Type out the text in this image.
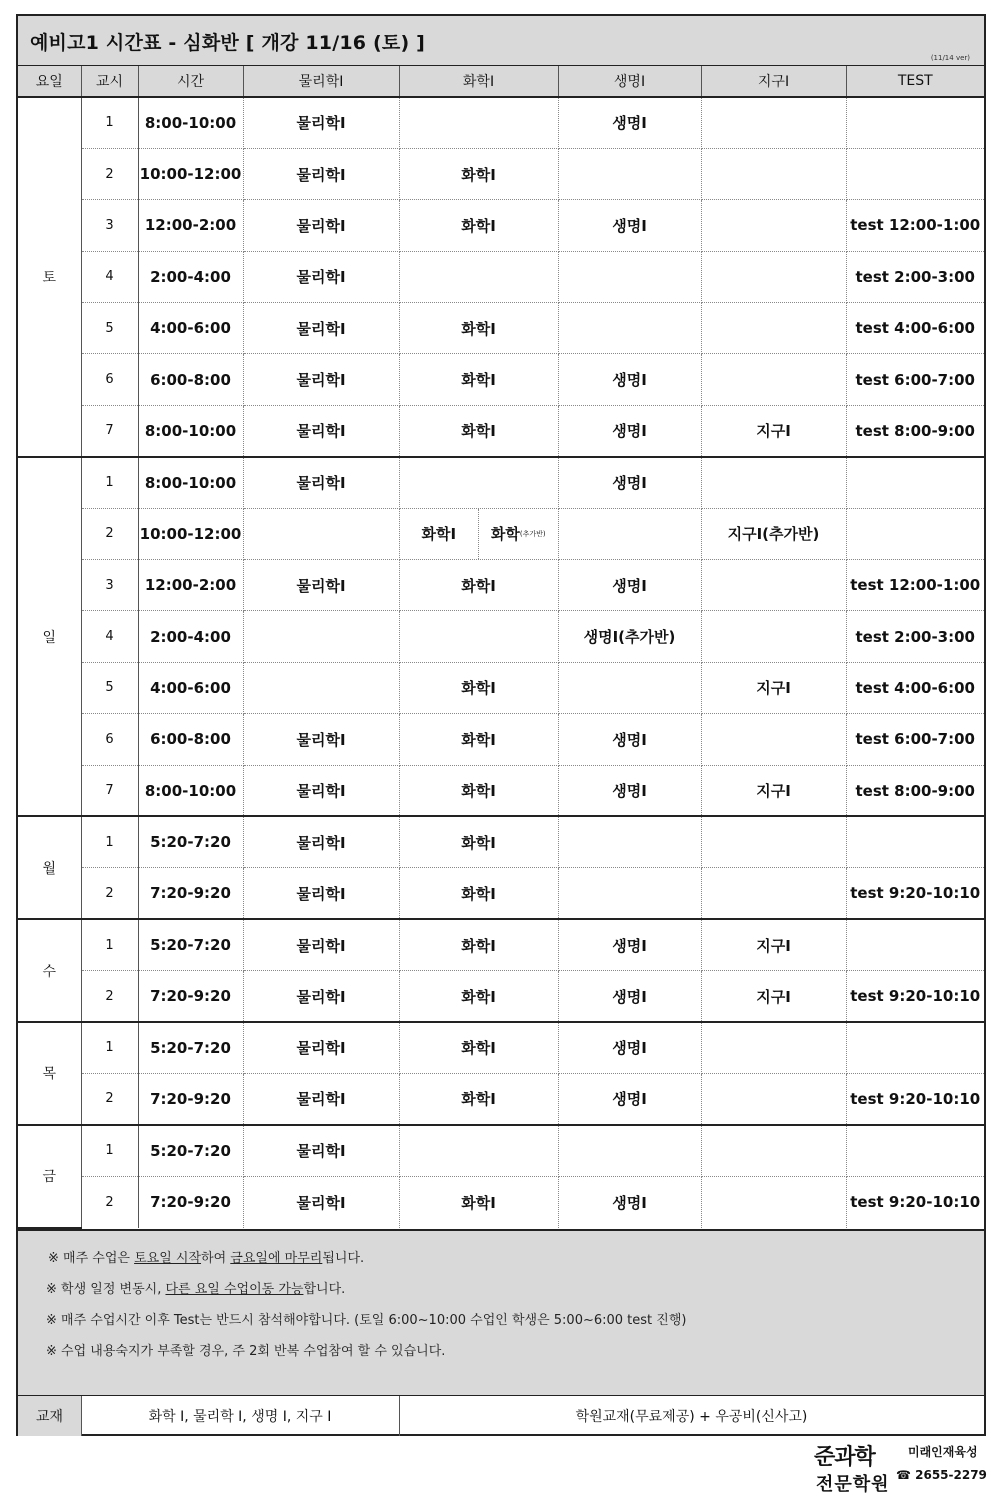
예비고1 시간표 - 심화반 [ 개강 11/16 (토) ]
(11/14 ver)
요일	교시	시간	물리학I	화학I	생명I	지구I	TEST
토	1	8:00-10:00	물리학I		생명I		
	2	10:00-12:00	물리학I	화학I			
	3	12:00-2:00	물리학I	화학I	생명I		test 12:00-1:00
	4	2:00-4:00	물리학I				test 2:00-3:00
	5	4:00-6:00	물리학I	화학I			test 4:00-6:00
	6	6:00-8:00	물리학I	화학I	생명I		test 6:00-7:00
	7	8:00-10:00	물리학I	화학I	생명I	지구I	test 8:00-9:00
일	1	8:00-10:00	물리학I		생명I		
	2	10:00-12:00		화학I 화학 (추가반)		지구I(추가반)	
	3	12:00-2:00	물리학I	화학I	생명I		test 12:00-1:00
	4	2:00-4:00			생명I(추가반)		test 2:00-3:00
	5	4:00-6:00		화학I		지구I	test 4:00-6:00
	6	6:00-8:00	물리학I	화학I	생명I		test 6:00-7:00
	7	8:00-10:00	물리학I	화학I	생명I	지구I	test 8:00-9:00
월	1	5:20-7:20	물리학I	화학I			
	2	7:20-9:20	물리학I	화학I			test 9:20-10:10
수	1	5:20-7:20	물리학I	화학I	생명I	지구I	
	2	7:20-9:20	물리학I	화학I	생명I	지구I	test 9:20-10:10
목	1	5:20-7:20	물리학I	화학I	생명I		
	2	7:20-9:20	물리학I	화학I	생명I		test 9:20-10:10
금	1	5:20-7:20	물리학I				
	2	7:20-9:20	물리학I	화학I	생명I		test 9:20-10:10
※ 매주 수업은 토요일 시작하여 금요일에 마무리됩니다.
※ 학생 일정 변동시, 다른 요일 수업이동 가능합니다.
※ 매주 수업시간 이후 Test는 반드시 참석해야합니다. (토일 6:00~10:00 수업인 학생은 5:00~6:00 test 진행)
※ 수업 내용숙지가 부족할 경우, 주 2회 반복 수업참여 할 수 있습니다.
교재	화학 I, 물리학 I, 생명 I, 지구 I	학원교재(무료제공) + 우공비(신사고)
준과학
전문학원
미래인재육성
☎ 2655-2279
